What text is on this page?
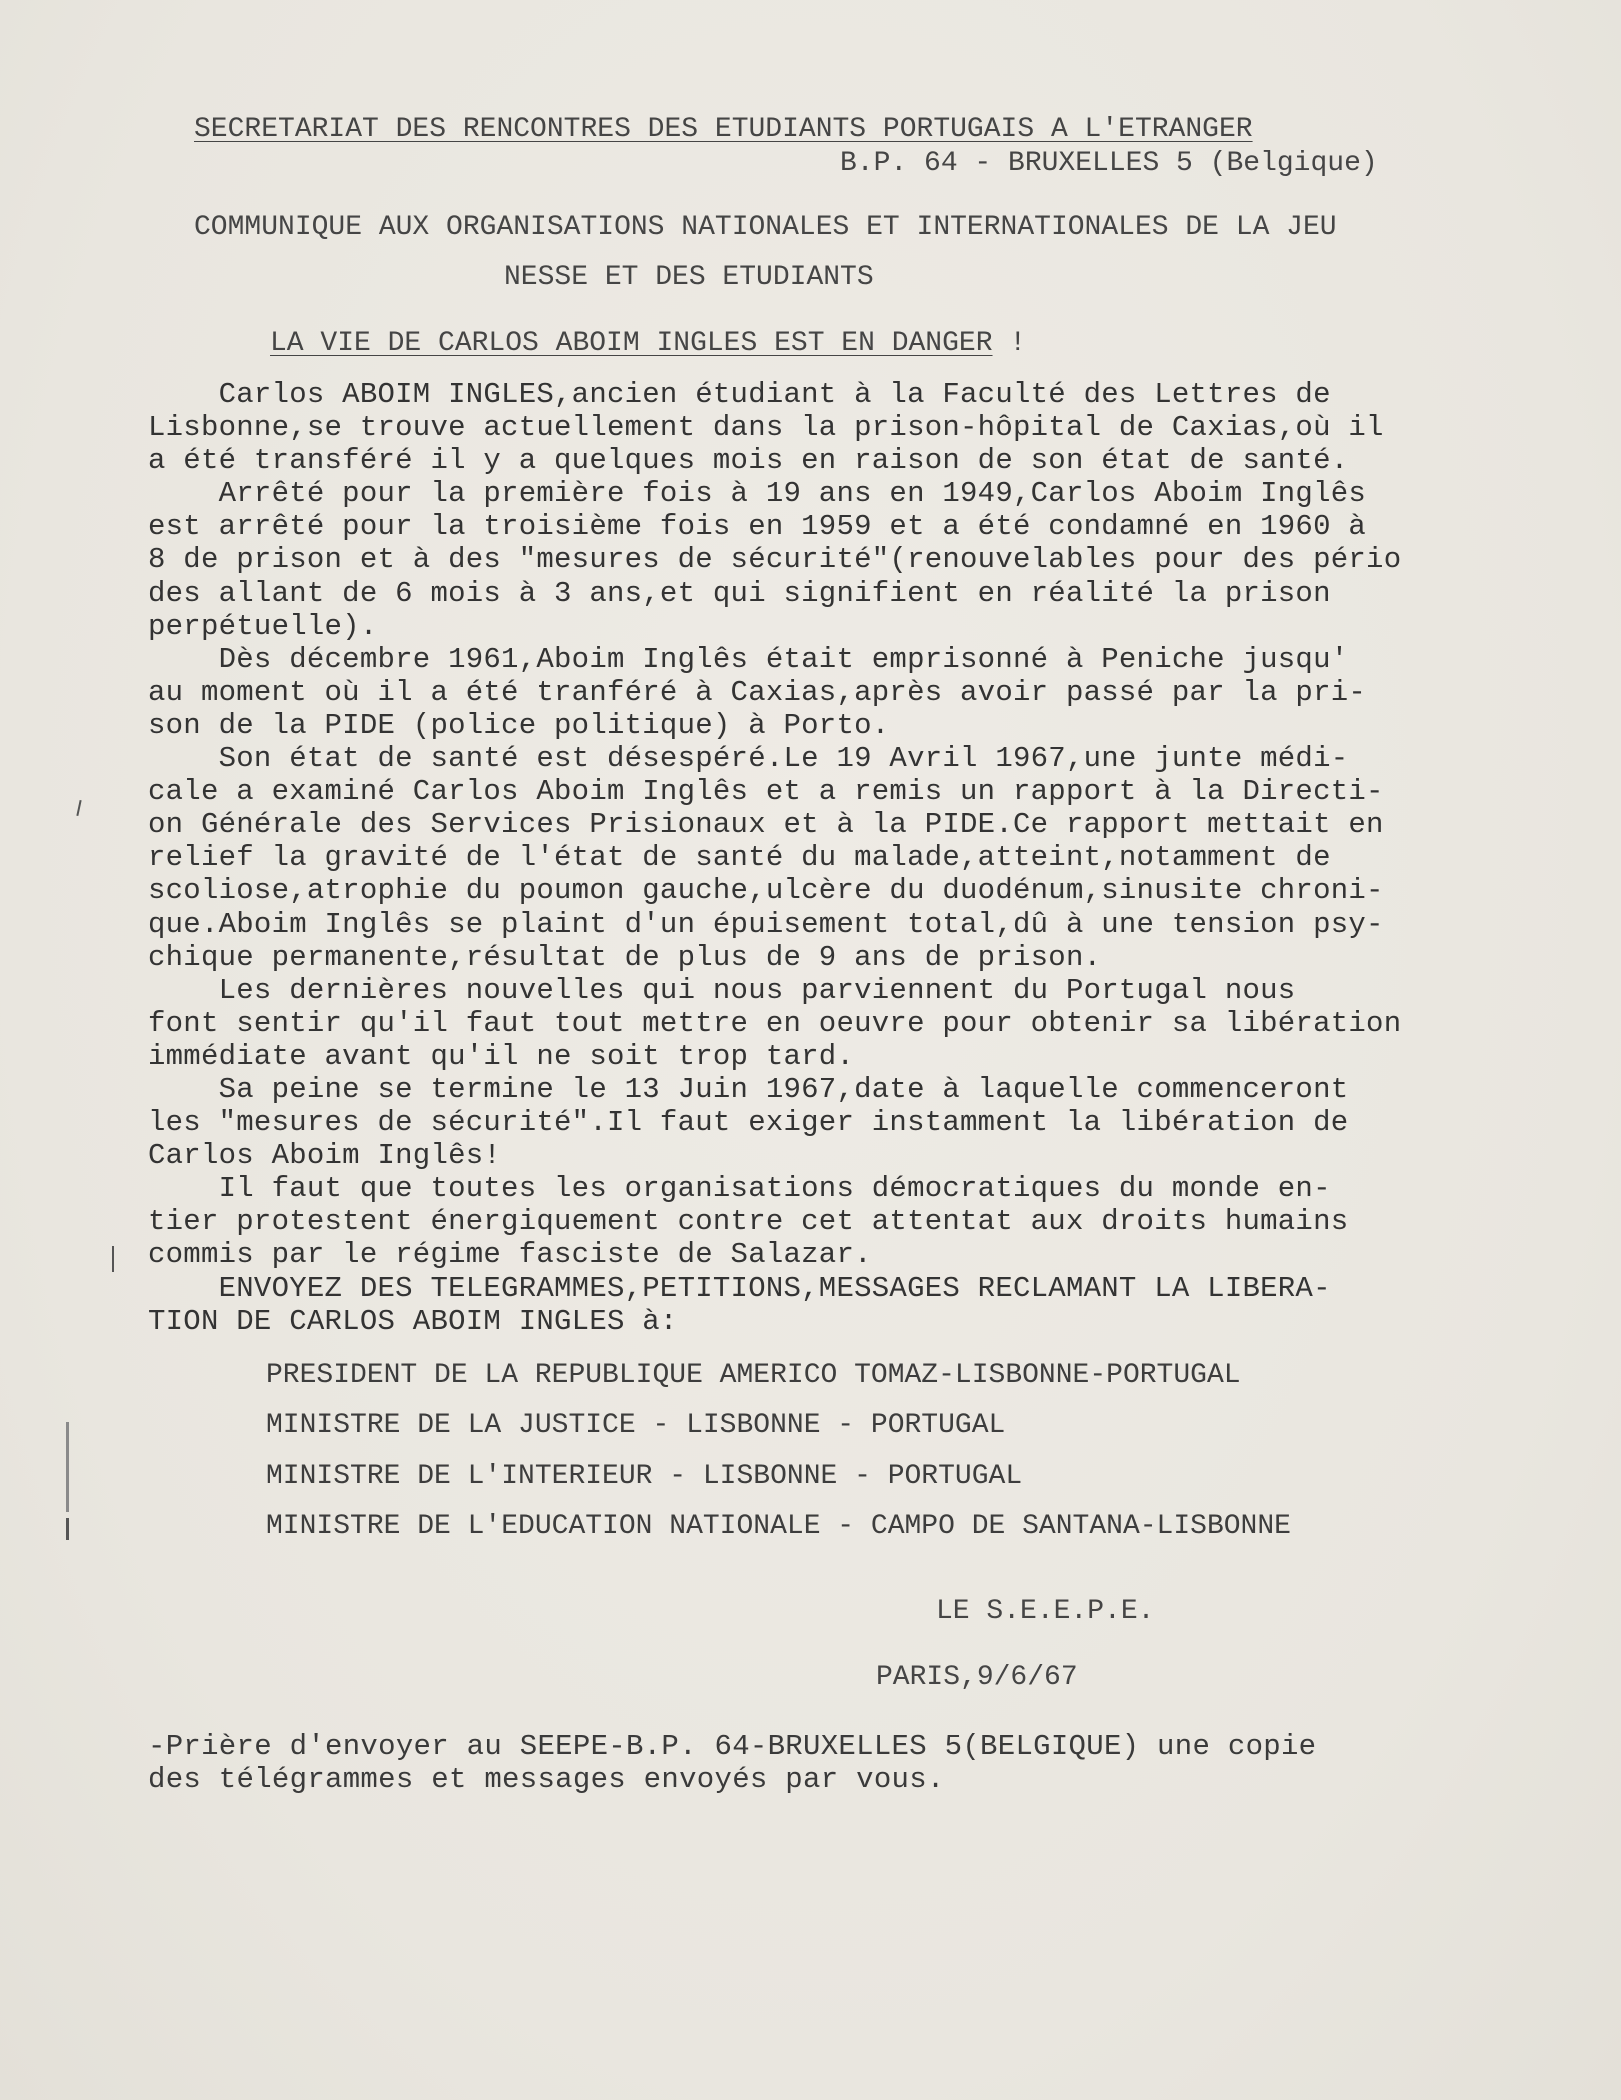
SECRETARIAT DES RENCONTRES DES ETUDIANTS PORTUGAIS A L'ETRANGER
B.P. 64 - BRUXELLES 5 (Belgique)
COMMUNIQUE AUX ORGANISATIONS NATIONALES ET INTERNATIONALES DE LA JEU
NESSE ET DES ETUDIANTS
LA VIE DE CARLOS ABOIM INGLES EST EN DANGER !
Carlos ABOIM INGLES,ancien étudiant à la Faculté des Lettres de
Lisbonne,se trouve actuellement dans la prison-hôpital de Caxias,où il
a été transféré il y a quelques mois en raison de son état de santé.
Arrêté pour la première fois à 19 ans en 1949,Carlos Aboim Inglês
est arrêté pour la troisième fois en 1959 et a été condamné en 1960 à
8 de prison et à des "mesures de sécurité"(renouvelables pour des pério
des allant de 6 mois à 3 ans,et qui signifient en réalité la prison
perpétuelle).
Dès décembre 1961,Aboim Inglês était emprisonné à Peniche jusqu'
au moment où il a été tranféré à Caxias,après avoir passé par la pri-
son de la PIDE (police politique) à Porto.
Son état de santé est désespéré.Le 19 Avril 1967,une junte médi-
cale a examiné Carlos Aboim Inglês et a remis un rapport à la Directi-
on Générale des Services Prisionaux et à la PIDE.Ce rapport mettait en
relief la gravité de l'état de santé du malade,atteint,notamment de
scoliose,atrophie du poumon gauche,ulcère du duodénum,sinusite chroni-
que.Aboim Inglês se plaint d'un épuisement total,dû à une tension psy-
chique permanente,résultat de plus de 9 ans de prison.
Les dernières nouvelles qui nous parviennent du Portugal nous
font sentir qu'il faut tout mettre en oeuvre pour obtenir sa libération
immédiate avant qu'il ne soit trop tard.
Sa peine se termine le 13 Juin 1967,date à laquelle commenceront
les "mesures de sécurité".Il faut exiger instamment la libération de
Carlos Aboim Inglês!
Il faut que toutes les organisations démocratiques du monde en-
tier protestent énergiquement contre cet attentat aux droits humains
commis par le régime fasciste de Salazar.
ENVOYEZ DES TELEGRAMMES,PETITIONS,MESSAGES RECLAMANT LA LIBERA-
TION DE CARLOS ABOIM INGLES à:
PRESIDENT DE LA REPUBLIQUE AMERICO TOMAZ-LISBONNE-PORTUGAL
MINISTRE DE LA JUSTICE - LISBONNE - PORTUGAL
MINISTRE DE L'INTERIEUR - LISBONNE - PORTUGAL
MINISTRE DE L'EDUCATION NATIONALE - CAMPO DE SANTANA-LISBONNE
LE S.E.E.P.E.
PARIS,9/6/67
-Prière d'envoyer au SEEPE-B.P. 64-BRUXELLES 5(BELGIQUE) une copie
des télégrammes et messages envoyés par vous.
